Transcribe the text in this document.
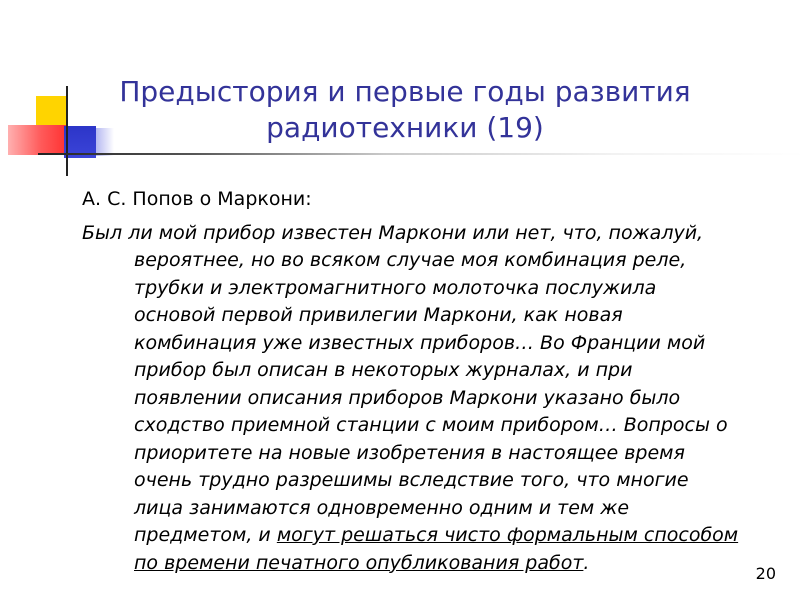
Предыстория и первые годы развития радиотехники (19)

А. С. Попов о Маркони:

Был ли мой прибор известен Маркони или нет, что, пожалуй, вероятнее, но во всяком случае моя комбинация реле, трубки и электромагнитного молоточка послужила основой первой привилегии Маркони, как новая комбинация уже известных приборов… Во Франции мой прибор был описан в некоторых журналах, и при появлении описания приборов Маркони указано было сходство приемной станции с моим прибором… Вопросы о приоритете на новые изобретения в настоящее время очень трудно разрешимы вследствие того, что многие лица занимаются одновременно одним и тем же предметом, и могут решаться чисто формальным способом по времени печатного опубликования работ.	20
